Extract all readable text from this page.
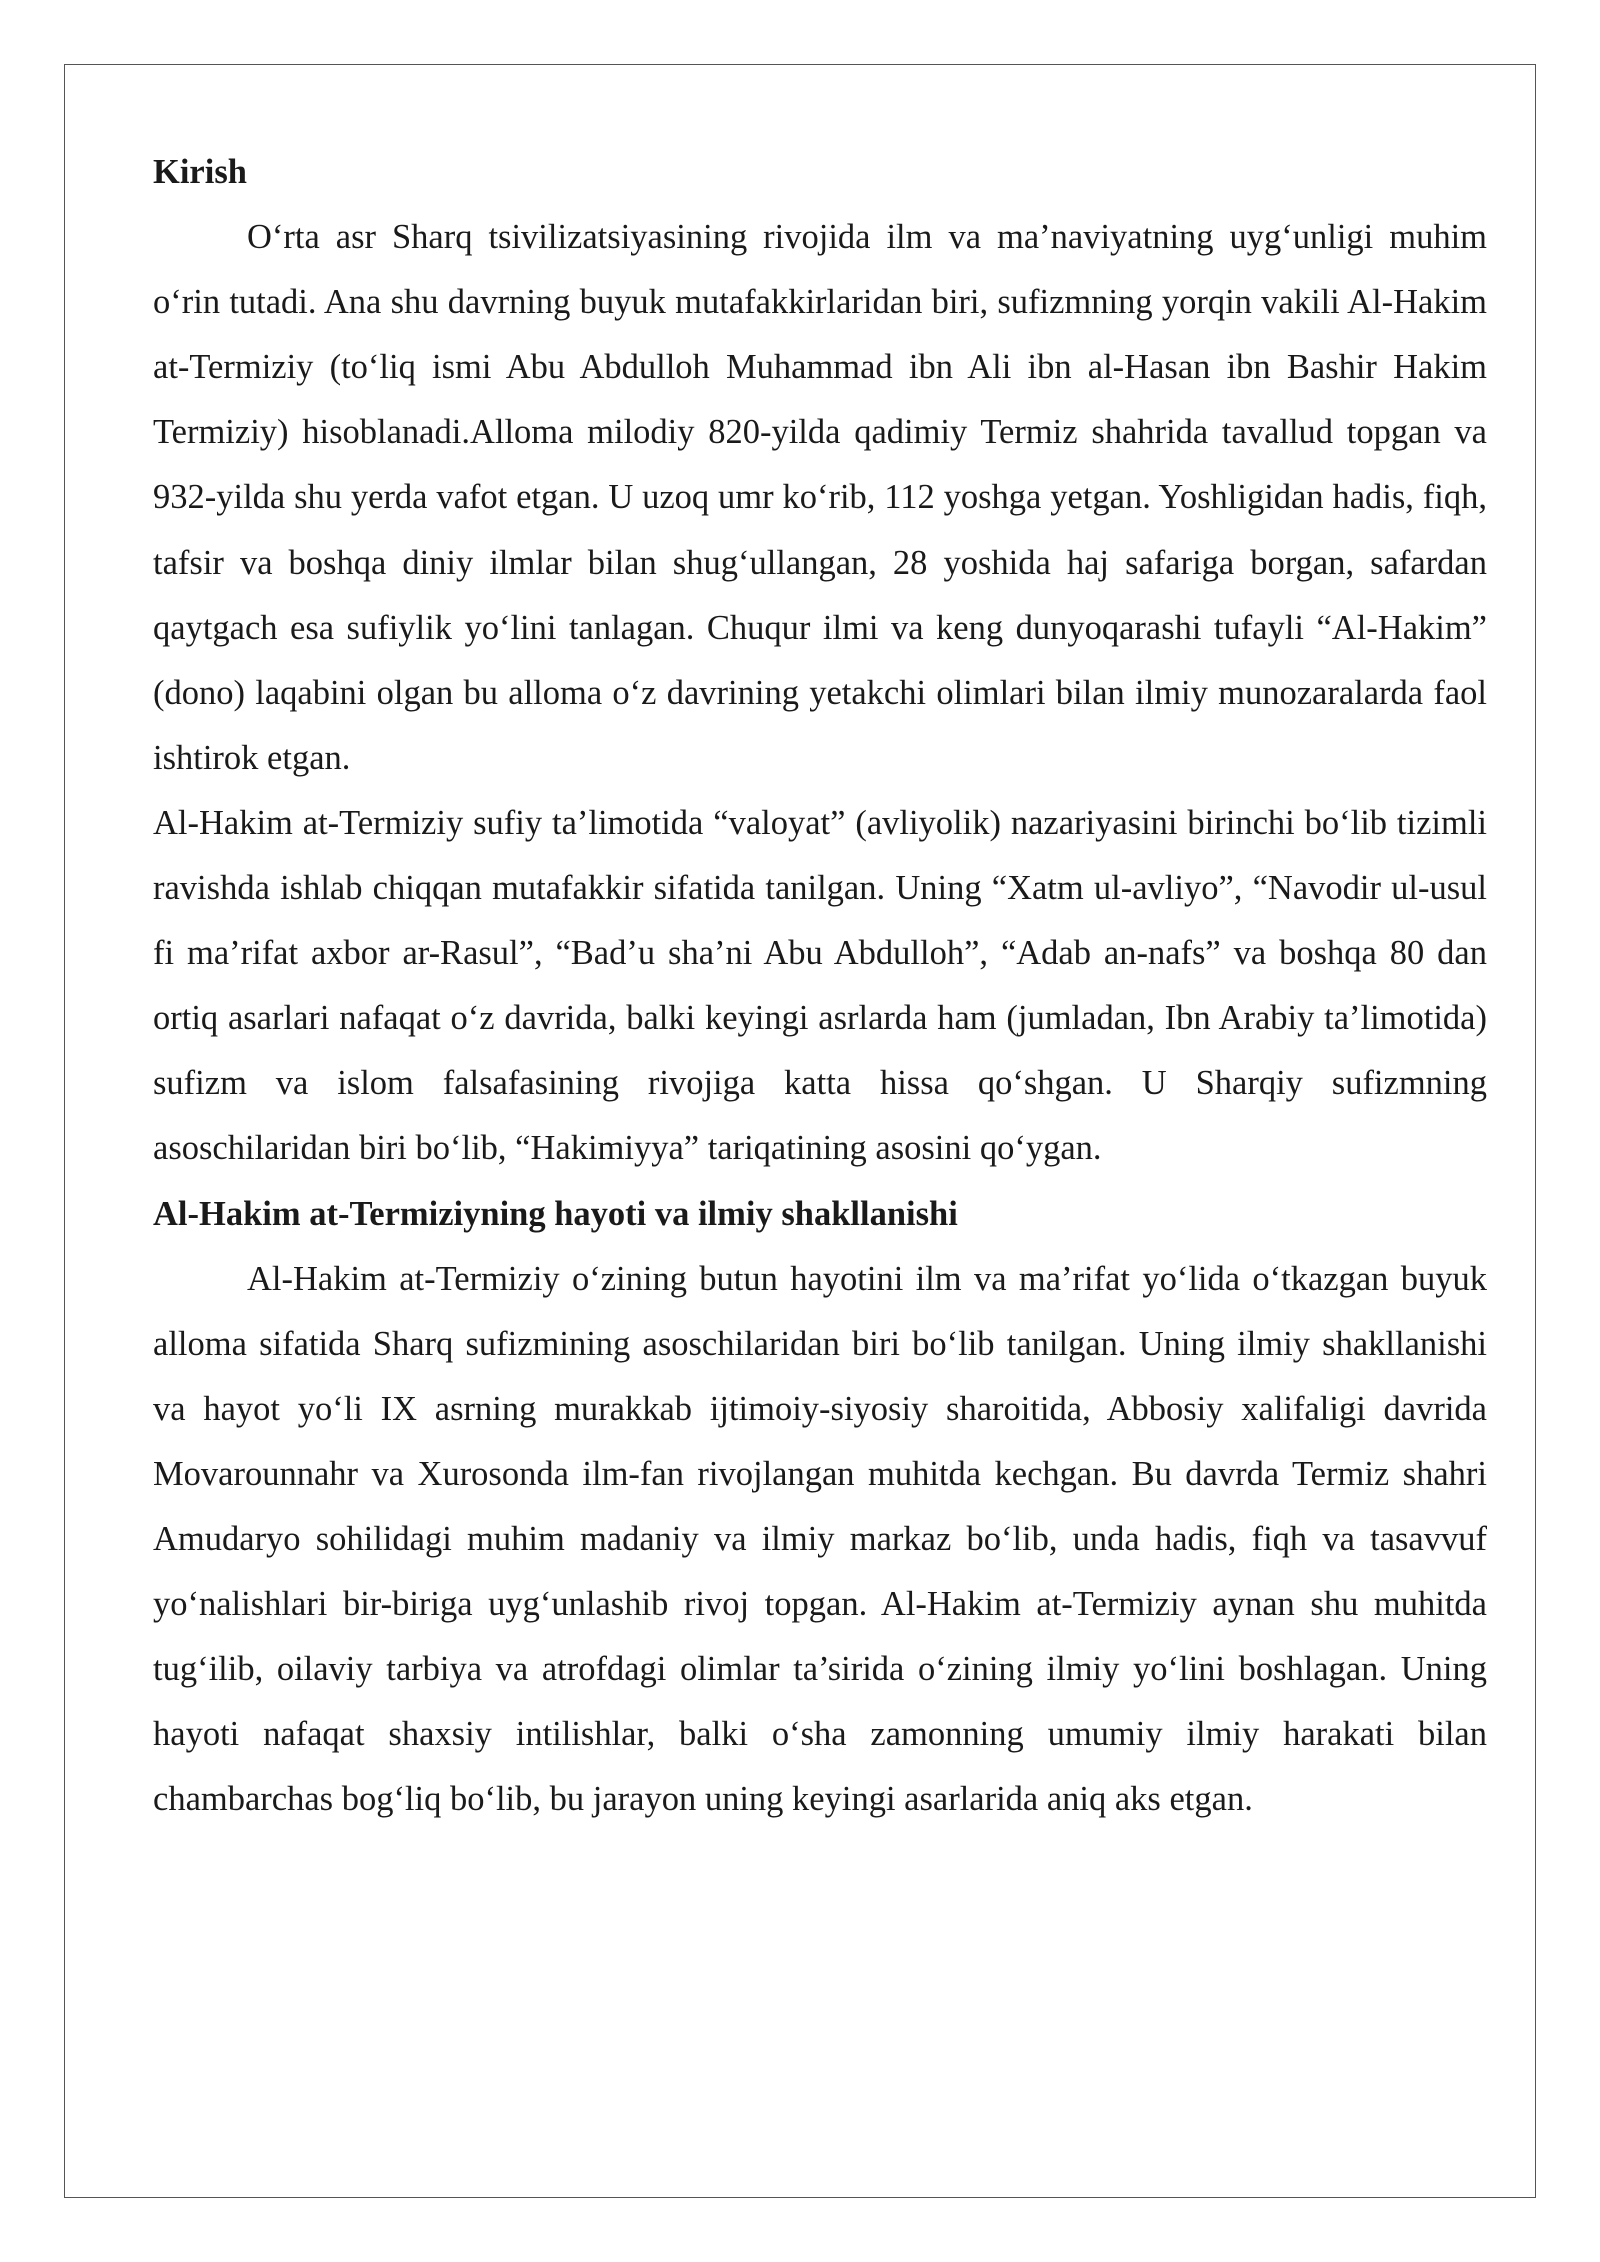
Kirish

O‘rta asr Sharq tsivilizatsiyasining rivojida ilm va ma’naviyatning uyg‘unligi muhim o‘rin tutadi. Ana shu davrning buyuk mutafakkirlaridan biri, sufizmning yorqin vakili Al-Hakim at-Termiziy (to‘liq ismi Abu Abdulloh Muhammad ibn Ali ibn al-Hasan ibn Bashir Hakim Termiziy) hisoblanadi.Alloma milodiy 820-yilda qadimiy Termiz shahrida tavallud topgan va 932-yilda shu yerda vafot etgan. U uzoq umr ko‘rib, 112 yoshga yetgan. Yoshligidan hadis, fiqh, tafsir va boshqa diniy ilmlar bilan shug‘ullangan, 28 yoshida haj safariga borgan, safardan qaytgach esa sufiylik yo‘lini tanlagan. Chuqur ilmi va keng dunyoqarashi tufayli “Al-Hakim” (dono) laqabini olgan bu alloma o‘z davrining yetakchi olimlari bilan ilmiy munozaralarda faol ishtirok etgan.

Al-Hakim at-Termiziy sufiy ta’limotida “valoyat” (avliyolik) nazariyasini birinchi bo‘lib tizimli ravishda ishlab chiqqan mutafakkir sifatida tanilgan. Uning “Xatm ul-avliyo”, “Navodir ul-usul fi ma’rifat axbor ar-Rasul”, “Bad’u sha’ni Abu Abdulloh”, “Adab an-nafs” va boshqa 80 dan ortiq asarlari nafaqat o‘z davrida, balki keyingi asrlarda ham (jumladan, Ibn Arabiy ta’limotida) sufizm va islom falsafasining rivojiga katta hissa qo‘shgan. U Sharqiy sufizmning asoschilaridan biri bo‘lib, “Hakimiyya” tariqatining asosini qo‘ygan.

Al-Hakim at-Termiziyning hayoti va ilmiy shakllanishi

Al-Hakim at-Termiziy o‘zining butun hayotini ilm va ma’rifat yo‘lida o‘tkazgan buyuk alloma sifatida Sharq sufizmining asoschilaridan biri bo‘lib tanilgan. Uning ilmiy shakllanishi va hayot yo‘li IX asrning murakkab ijtimoiy-siyosiy sharoitida, Abbosiy xalifaligi davrida Movarounnahr va Xurosonda ilm-fan rivojlangan muhitda kechgan. Bu davrda Termiz shahri Amudaryo sohilidagi muhim madaniy va ilmiy markaz bo‘lib, unda hadis, fiqh va tasavvuf yo‘nalishlari bir-biriga uyg‘unlashib rivoj topgan. Al-Hakim at-Termiziy aynan shu muhitda tug‘ilib, oilaviy tarbiya va atrofdagi olimlar ta’sirida o‘zining ilmiy yo‘lini boshlagan. Uning hayoti nafaqat shaxsiy intilishlar, balki o‘sha zamonning umumiy ilmiy harakati bilan chambarchas bog‘liq bo‘lib, bu jarayon uning keyingi asarlarida aniq aks etgan.
